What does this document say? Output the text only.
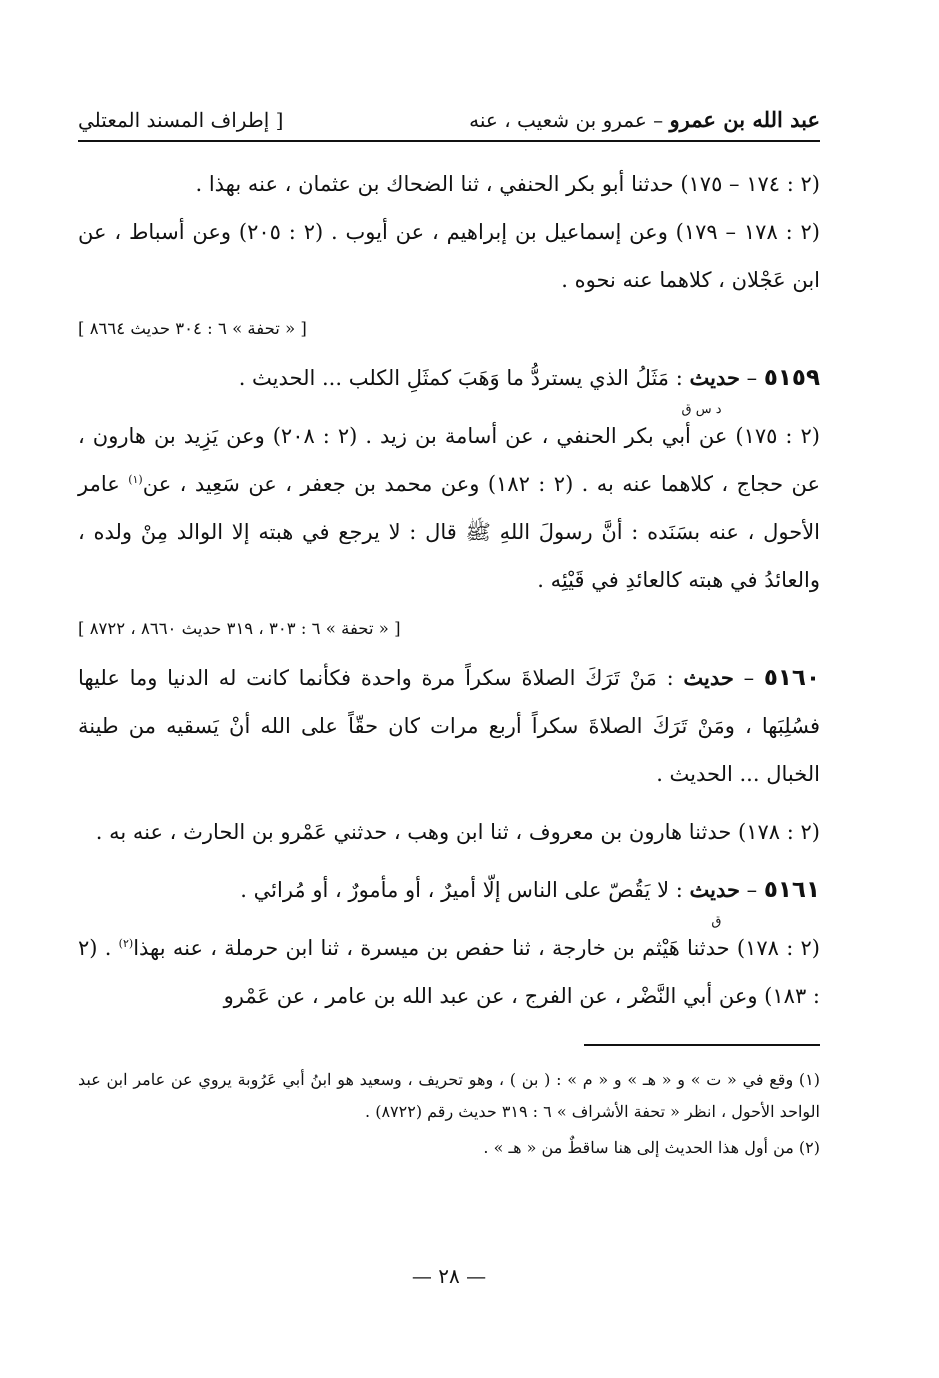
عبد الله بن عمرو – عمرو بن شعيب ، عنه
[ إطراف المسند المعتلي

(٢ : ١٧٤ – ١٧٥) حدثنا أبو بكر الحنفي ، ثنا الضحاك بن عثمان ، عنه بهذا .

(٢ : ١٧٨ – ١٧٩) وعن إسماعيل بن إبراهيم ، عن أيوب . (٢ : ٢٠٥) وعن أسباط ، عن ابن عَجْلان ، كلاهما عنه نحوه .

[ « تحفة » ٦ : ٣٠٤ حديث ٨٦٦٤ ]

٥١٥٩ – حديث
د س ق
: مَثَلُ الذي يستردُّ ما وَهَبَ كمثَلِ الكلب ... الحديث .

(٢ : ١٧٥) عن أبي بكر الحنفي ، عن أسامة بن زيد . (٢ : ٢٠٨) وعن يَزِيد بن هارون ، عن حجاج ، كلاهما عنه به . (٢ : ١٨٢) وعن محمد بن جعفر ، عن سَعِيد ، عن$^{(١)}$ عامر الأحول ، عنه بسَنَده : أنَّ رسولَ اللهِ ﷺ قال : لا يرجع في هبته إلا الوالد مِنْ ولده ، والعائدُ في هبته كالعائدِ في قَيْئِه .

[ « تحفة » ٦ : ٣٠٣ ، ٣١٩ حديث ٨٦٦٠ ، ٨٧٢٢ ]

٥١٦٠ – حديث : مَنْ تَرَكَ الصلاةَ سكراً مرة واحدة فكأنما كانت له الدنيا وما عليها فسُلِبَها ، ومَنْ تَرَكَ الصلاةَ سكراً أربع مرات كان حقّاً على الله أنْ يَسقيه من طينة الخبال ... الحديث .

(٢ : ١٧٨) حدثنا هارون بن معروف ، ثنا ابن وهب ، حدثني عَمْرو بن الحارث ، عنه به .

٥١٦١ – حديث
ق
: لا يَقُصّ على الناس إلّا أميرٌ ، أو مأمورٌ ، أو مُرائي .

(٢ : ١٧٨) حدثنا هَيْثم بن خارجة ، ثنا حفص بن ميسرة ، ثنا ابن حرملة ، عنه بهذا$^{(٢)}$ . (٢ : ١٨٣) وعن أبي النَّضْر ، عن الفرج ، عن عبد الله بن عامر ، عن عَمْرو

(١) وقع في « ت » و « هـ » و « م » : ( بن ) ، وهو تحريف ، وسعيد هو ابنُ أبي عَرُوبة يروي عن عامر ابن عبد الواحد الأحول ، انظر « تحفة الأشراف » ٦ : ٣١٩ حديث رقم (٨٧٢٢) .

(٢) من أول هذا الحديث إلى هنا ساقطٌ من « هـ » .

— ٢٨ —
